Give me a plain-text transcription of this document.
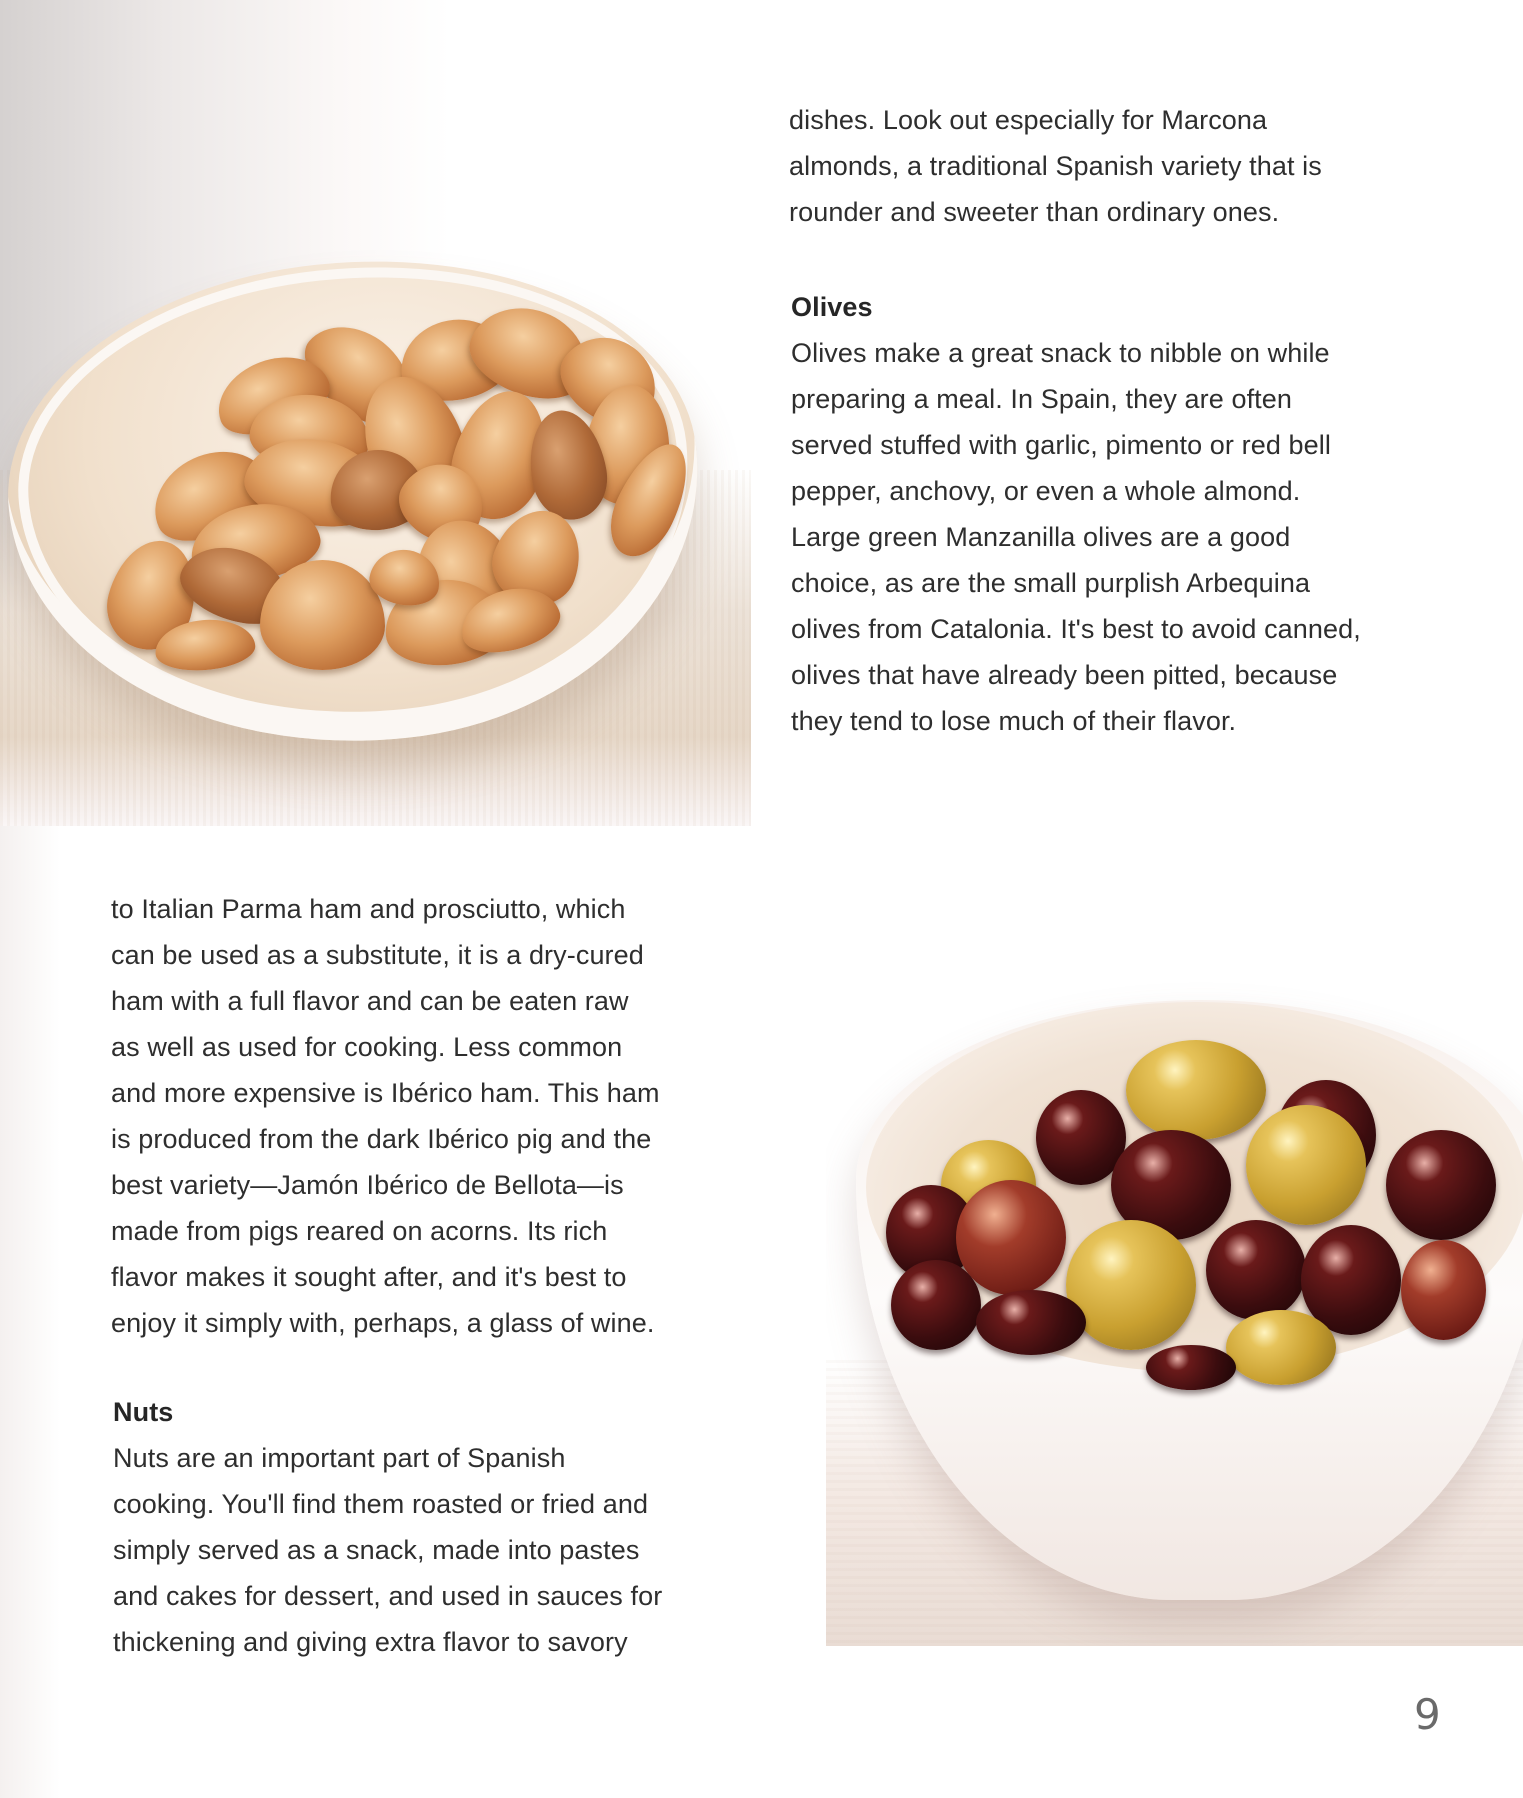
dishes. Look out especially for Marcona

almonds, a traditional Spanish variety that is

rounder and sweeter than ordinary ones.

Olives

Olives make a great snack to nibble on while

preparing a meal. In Spain, they are often

served stuffed with garlic, pimento or red bell

pepper, anchovy, or even a whole almond.

Large green Manzanilla olives are a good

choice, as are the small purplish Arbequina

olives from Catalonia. It's best to avoid canned,

olives that have already been pitted, because

they tend to lose much of their flavor.

to Italian Parma ham and prosciutto, which

can be used as a substitute, it is a dry-cured

ham with a full flavor and can be eaten raw

as well as used for cooking. Less common

and more expensive is Ibérico ham. This ham

is produced from the dark Ibérico pig and the

best variety—Jamón Ibérico de Bellota—is

made from pigs reared on acorns. Its rich

flavor makes it sought after, and it's best to

enjoy it simply with, perhaps, a glass of wine.

Nuts

Nuts are an important part of Spanish

cooking. You'll find them roasted or fried and

simply served as a snack, made into pastes

and cakes for dessert, and used in sauces for

thickening and giving extra flavor to savory

9
